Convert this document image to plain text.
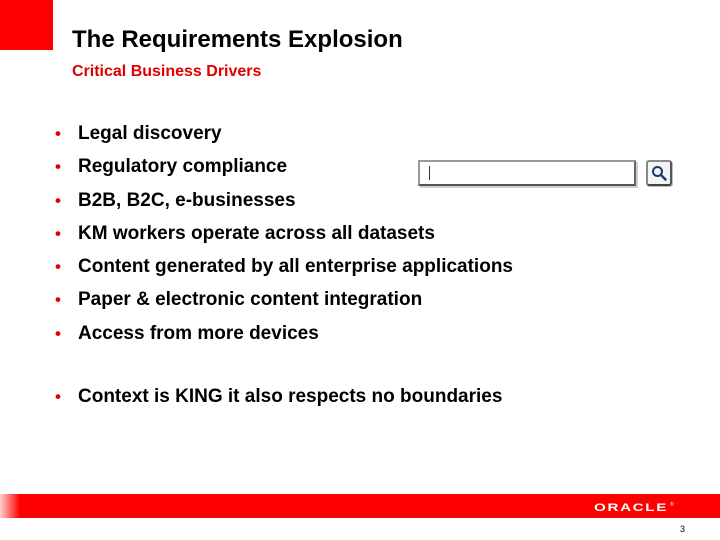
The Requirements Explosion
Critical Business Drivers
• Legal discovery
• Regulatory compliance
• B2B, B2C, e-businesses
• KM workers operate across all datasets
• Content generated by all enterprise applications
• Paper & electronic content integration
• Access from more devices
• Context is KING it also respects no boundaries
ORACLE ®
3
